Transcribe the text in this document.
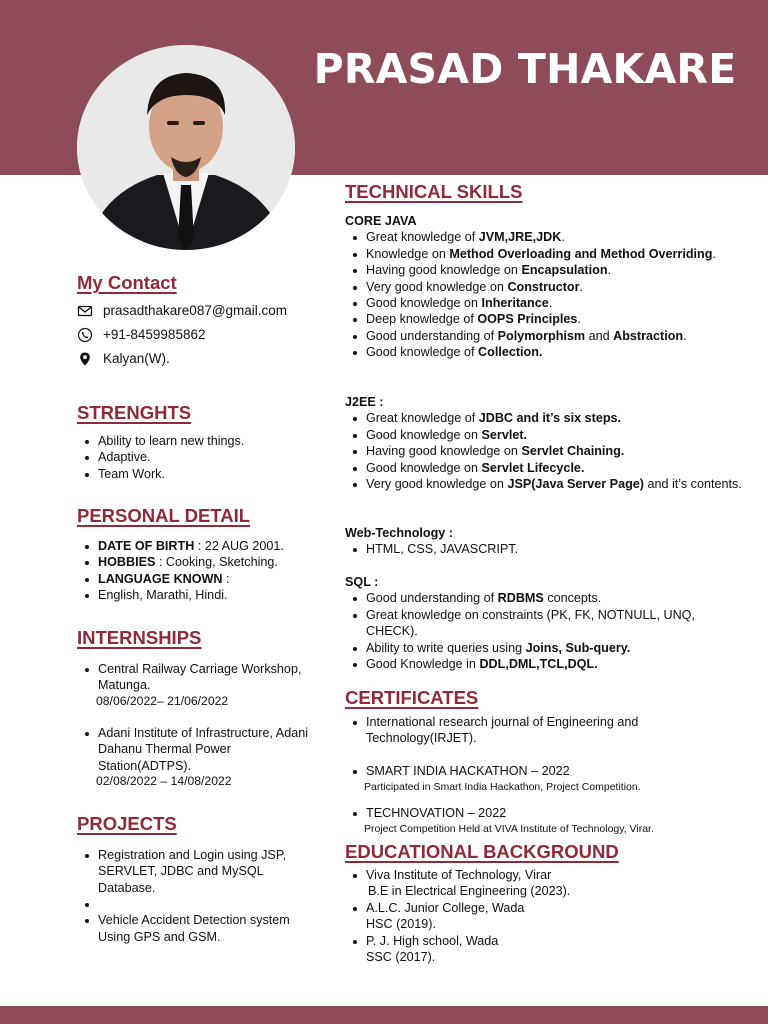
PRASAD THAKARE
My Contact
prasadthakare087@gmail.com
+91-8459985862
Kalyan(W).
STRENGHTS
Ability to learn new things.
Adaptive.
Team Work.
PERSONAL DETAIL
DATE OF BIRTH : 22 AUG 2001.
HOBBIES : Cooking, Sketching.
LANGUAGE KNOWN :
English, Marathi, Hindi.
INTERNSHIPS
Central Railway Carriage Workshop, Matunga.
08/06/2022– 21/06/2022
Adani Institute of Infrastructure, Adani Dahanu Thermal Power Station(ADTPS).
02/08/2022 – 14/08/2022
PROJECTS
Registration and Login using JSP, SERVLET, JDBC and MySQL Database.
Vehicle Accident Detection system Using GPS and GSM.
TECHNICAL SKILLS
CORE JAVA
Great knowledge of JVM,JRE,JDK.
Knowledge on Method Overloading and Method Overriding.
Having good knowledge on Encapsulation.
Very good knowledge on Constructor.
Good knowledge on Inheritance.
Deep knowledge of OOPS Principles.
Good understanding of Polymorphism and Abstraction.
Good knowledge of Collection.
J2EE :
Great knowledge of JDBC and it’s six steps.
Good knowledge on Servlet.
Having good knowledge on Servlet Chaining.
Good knowledge on Servlet Lifecycle.
Very good knowledge on JSP(Java Server Page) and it’s contents.
Web-Technology :
HTML, CSS, JAVASCRIPT.
SQL :
Good understanding of RDBMS concepts.
Great knowledge on constraints (PK, FK, NOTNULL, UNQ, CHECK).
Ability to write queries using Joins, Sub-query.
Good Knowledge in DDL,DML,TCL,DQL.
CERTIFICATES
International research journal of Engineering and Technology(IRJET).
SMART INDIA HACKATHON – 2022
Participated in Smart India Hackathon, Project Competition.
TECHNOVATION – 2022
Project Competition Held at VIVA Institute of Technology, Virar.
EDUCATIONAL BACKGROUND
Viva Institute of Technology, Virar
B.E in Electrical Engineering (2023).
A.L.C. Junior College, Wada
HSC (2019).
P. J. High school, Wada
SSC (2017).
